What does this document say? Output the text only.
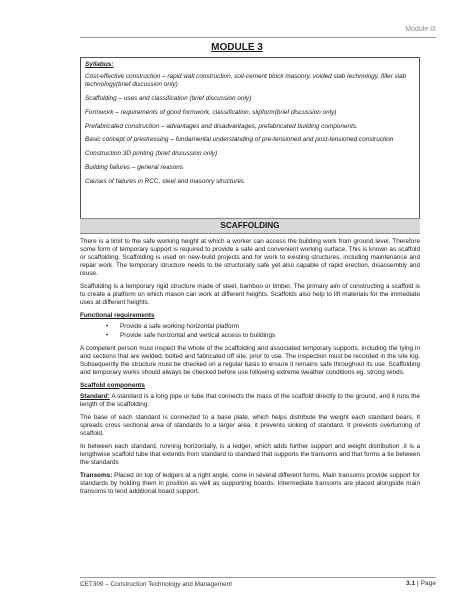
Module III
MODULE 3
Syllabus:

Cost-effective construction – rapid wall construction, soil-cement block masonry, voided slab technology, filler slab technology(brief discussion only)

Scaffolding – uses and classification (brief discussion only)

Formwork – requirements of good formwork, classification, slipform(brief discussion only)

Prefabricated construction – advantages and disadvantages, prefabricated building components.

Basic concept of prestressing – fundamental understanding of pre-tensioned and post-tensioned construction

Construction 3D printing (brief discussion only)

Building failures – general reasons

Causes of failures in RCC, steel and masonry structures

SCAFFOLDING

There is a limit to the safe working height at which a worker can access the building work from ground level. Therefore some form of temporary support is required to provide a safe and convenient working surface. This is known as scaffold or scaffolding. Scaffolding is used on new-build projects and for work to existing structures, including maintenance and repair work. The temporary structure needs to be structurally safe yet also capable of rapid erection, disassembly and reuse.

Scaffolding is a temporary rigid structure made of steel, bamboo or timber. The primary aim of constructing a scaffold is to create a platform on which mason can work at different heights. Scaffolds also help to lift materials for the immediate uses at different heights.

Functional requirements
• Provide a safe working horizontal platform
• Provide safe horizontal and vertical access to buildings

A competent person must inspect the whole of the scaffolding and associated temporary supports, including the tying in and sections that are welded, bolted and fabricated off site, prior to use. The inspection must be recorded in the site log. Subsequently the structure must be checked on a regular basis to ensure it remains safe throughout its use. Scaffolding and temporary works should always be checked before use following extreme weather conditions eg. strong winds.

Scaffold components

Standard: A standard is a long pipe or tube that connects the mass of the scaffold directly to the ground, and it runs the length of the scaffolding.

The base of each standard is connected to a base plate, which helps distribute the weight each standard bears. It spreads cross sectional area of standards to a larger area. it prevents sinking of standard. It prevents overturning of scaffold.

In between each standard, running horizontally, is a ledger, which adds further support and weight distribution .it is a lengthwise scaffold tube that extends from standard to standard that supports the transoms and that forms a tie between the standards

Transoms: Placed on top of ledgers at a right angle, come in several different forms. Main transoms provide support for standards by holding them in position as well as supporting boards. Intermediate transoms are placed alongside main transoms to lend additional board support.

CET309 – Construction Technology and Management	3.1 | Page
